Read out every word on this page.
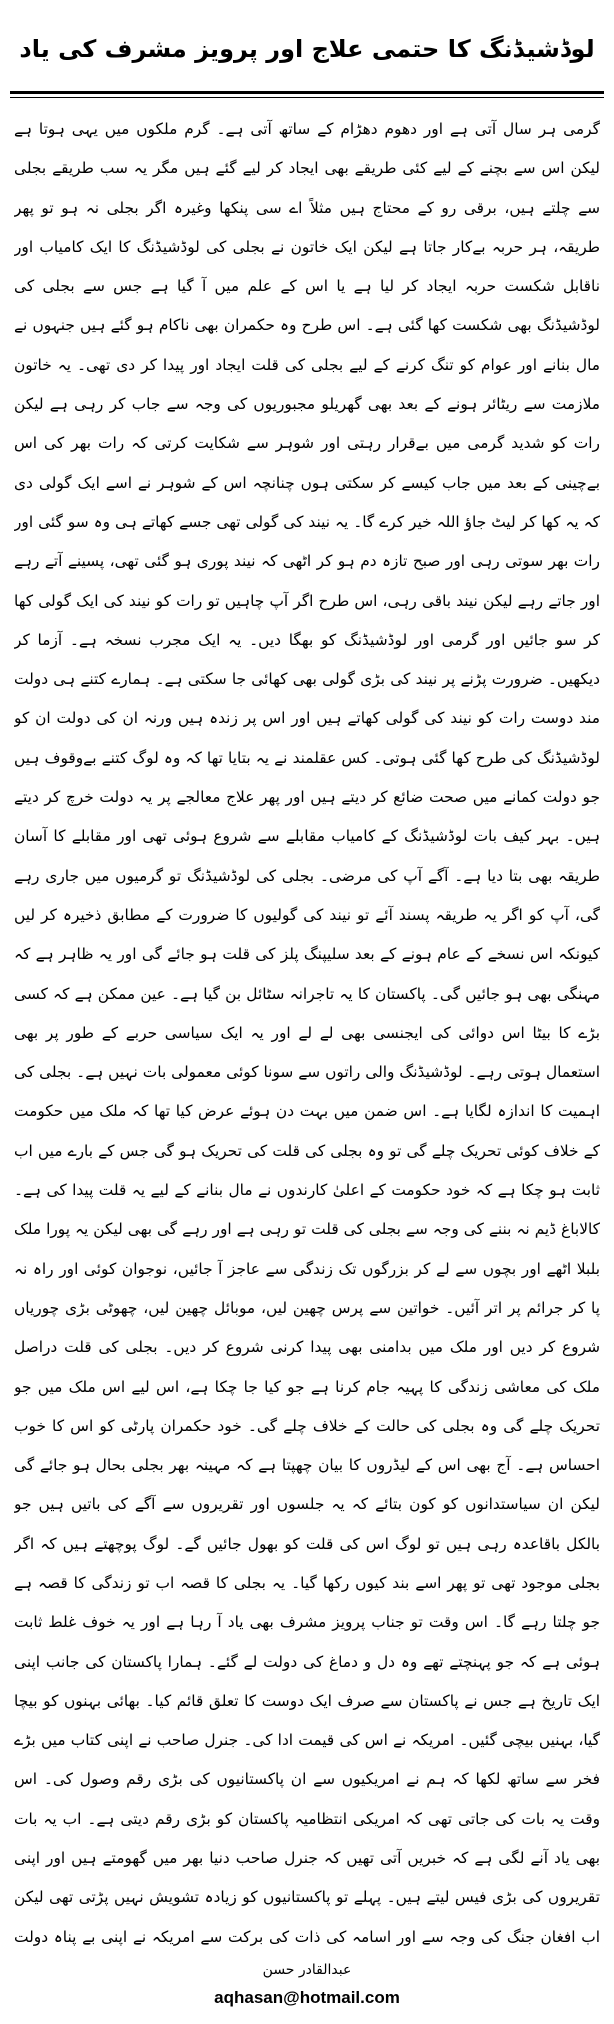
لوڈشیڈنگ کا حتمی علاج اور پرویز مشرف کی یاد

گرمی ہر سال آتی ہے اور دھوم دھڑام کے ساتھ آتی ہے۔ گرم ملکوں میں یہی ہوتا ہے لیکن اس سے بچنے کے لیے کئی طریقے بھی ایجاد کر لیے گئے ہیں مگر یہ سب طریقے بجلی سے چلتے ہیں، برقی رو کے محتاج ہیں مثلاً اے سی پنکھا وغیرہ اگر بجلی نہ ہو تو پھر طریقہ، ہر حربہ بےکار جاتا ہے لیکن ایک خاتون نے بجلی کی لوڈشیڈنگ کا ایک کامیاب اور ناقابل شکست حربہ ایجاد کر لیا ہے یا اس کے علم میں آ گیا ہے جس سے بجلی کی لوڈشیڈنگ بھی شکست کھا گئی ہے۔ اس طرح وہ حکمران بھی ناکام ہو گئے ہیں جنہوں نے مال بنانے اور عوام کو تنگ کرنے کے لیے بجلی کی قلت ایجاد اور پیدا کر دی تھی۔ یہ خاتون ملازمت سے ریٹائر ہونے کے بعد بھی گھریلو مجبوریوں کی وجہ سے جاب کر رہی ہے لیکن رات کو شدید گرمی میں بےقرار رہتی اور شوہر سے شکایت کرتی کہ رات بھر کی اس بےچینی کے بعد میں جاب کیسے کر سکتی ہوں چنانچہ اس کے شوہر نے اسے ایک گولی دی کہ یہ کھا کر لیٹ جاؤ اللہ خیر کرے گا۔ یہ نیند کی گولی تھی جسے کھاتے ہی وہ سو گئی اور رات بھر سوتی رہی اور صبح تازہ دم ہو کر اٹھی کہ نیند پوری ہو گئی تھی، پسینے آتے رہے اور جاتے رہے لیکن نیند باقی رہی، اس طرح اگر آپ چاہیں تو رات کو نیند کی ایک گولی کھا کر سو جائیں اور گرمی اور لوڈشیڈنگ کو بھگا دیں۔ یہ ایک مجرب نسخہ ہے۔ آزما کر دیکھیں۔ ضرورت پڑنے پر نیند کی بڑی گولی بھی کھائی جا سکتی ہے۔ ہمارے کتنے ہی دولت مند دوست رات کو نیند کی گولی کھاتے ہیں اور اس پر زندہ ہیں ورنہ ان کی دولت ان کو لوڈشیڈنگ کی طرح کھا گئی ہوتی۔ کس عقلمند نے یہ بتایا تھا کہ وہ لوگ کتنے بےوقوف ہیں جو دولت کمانے میں صحت ضائع کر دیتے ہیں اور پھر علاج معالجے پر یہ دولت خرچ کر دیتے ہیں۔ بہر کیف بات لوڈشیڈنگ کے کامیاب مقابلے سے شروع ہوئی تھی اور مقابلے کا آسان طریقہ بھی بتا دیا ہے۔ آگے آپ کی مرضی۔ بجلی کی لوڈشیڈنگ تو گرمیوں میں جاری رہے گی، آپ کو اگر یہ طریقہ پسند آئے تو نیند کی گولیوں کا ضرورت کے مطابق ذخیرہ کر لیں کیونکہ اس نسخے کے عام ہونے کے بعد سلیپنگ پلز کی قلت ہو جائے گی اور یہ ظاہر ہے کہ مہنگی بھی ہو جائیں گی۔ پاکستان کا یہ تاجرانہ سٹائل بن گیا ہے۔ عین ممکن ہے کہ کسی بڑے کا بیٹا اس دوائی کی ایجنسی بھی لے لے اور یہ ایک سیاسی حربے کے طور پر بھی استعمال ہوتی رہے۔ لوڈشیڈنگ والی راتوں سے سونا کوئی معمولی بات نہیں ہے۔ بجلی کی اہمیت کا اندازہ لگایا ہے۔ اس ضمن میں بہت دن ہوئے عرض کیا تھا کہ ملک میں حکومت کے خلاف کوئی تحریک چلے گی تو وہ بجلی کی قلت کی تحریک ہو گی جس کے بارے میں اب ثابت ہو چکا ہے کہ خود حکومت کے اعلیٰ کارندوں نے مال بنانے کے لیے یہ قلت پیدا کی ہے۔ کالاباغ ڈیم نہ بننے کی وجہ سے بجلی کی قلت تو رہی ہے اور رہے گی بھی لیکن یہ پورا ملک بلبلا اٹھے اور بچوں سے لے کر بزرگوں تک زندگی سے عاجز آ جائیں، نوجوان کوئی اور راہ نہ پا کر جرائم پر اتر آئیں۔ خواتین سے پرس چھین لیں، موبائل چھین لیں، چھوٹی بڑی چوریاں شروع کر دیں اور ملک میں بدامنی بھی پیدا کرنی شروع کر دیں۔ بجلی کی قلت دراصل ملک کی معاشی زندگی کا پہیہ جام کرنا ہے جو کیا جا چکا ہے، اس لیے اس ملک میں جو تحریک چلے گی وہ بجلی کی حالت کے خلاف چلے گی۔ خود حکمران پارٹی کو اس کا خوب احساس ہے۔ آج بھی اس کے لیڈروں کا بیان چھپتا ہے کہ مہینہ بھر بجلی بحال ہو جائے گی لیکن ان سیاستدانوں کو کون بتائے کہ یہ جلسوں اور تقریروں سے آگے کی باتیں ہیں جو بالکل باقاعدہ رہی ہیں تو لوگ اس کی قلت کو بھول جائیں گے۔ لوگ پوچھتے ہیں کہ اگر بجلی موجود تھی تو پھر اسے بند کیوں رکھا گیا۔ یہ بجلی کا قصہ اب تو زندگی کا قصہ ہے جو چلتا رہے گا۔ اس وقت تو جناب پرویز مشرف بھی یاد آ رہا ہے اور یہ خوف غلط ثابت ہوئی ہے کہ جو پہنچتے تھے وہ دل و دماغ کی دولت لے گئے۔ ہمارا پاکستان کی جانب اپنی ایک تاریخ ہے جس نے پاکستان سے صرف ایک دوست کا تعلق قائم کیا۔ بھائی بہنوں کو بیچا گیا، بہنیں بیچی گئیں۔ امریکہ نے اس کی قیمت ادا کی۔ جنرل صاحب نے اپنی کتاب میں بڑے فخر سے ساتھ لکھا کہ ہم نے امریکیوں سے ان پاکستانیوں کی بڑی رقم وصول کی۔ اس وقت یہ بات کی جاتی تھی کہ امریکی انتظامیہ پاکستان کو بڑی رقم دیتی ہے۔ اب یہ بات بھی یاد آنے لگی ہے کہ خبریں آتی تھیں کہ جنرل صاحب دنیا بھر میں گھومتے ہیں اور اپنی تقریروں کی بڑی فیس لیتے ہیں۔ پہلے تو پاکستانیوں کو زیادہ تشویش نہیں پڑتی تھی لیکن اب افغان جنگ کی وجہ سے اور اسامہ کی ذات کی برکت سے امریکہ نے اپنی بے پناہ دولت

عبدالقادر حسن
aqhasan@hotmail.com
